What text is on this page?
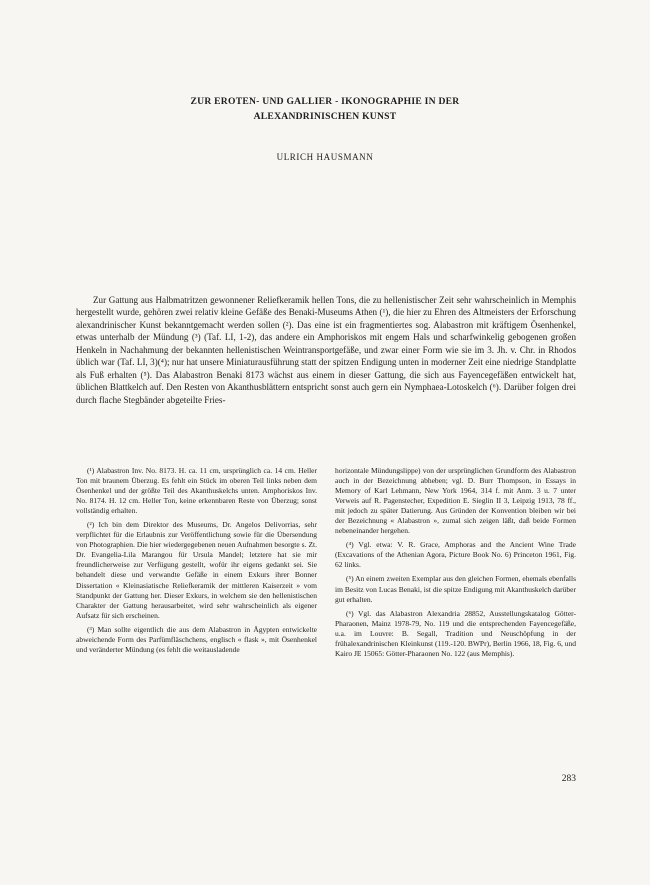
ZUR EROTEN- UND GALLIER - IKONOGRAPHIE IN DER
ALEXANDRINISCHEN KUNST
ULRICH HAUSMANN

Zur Gattung aus Halbmatritzen gewonnener Reliefkeramik hellen Tons, die zu hellenistischer Zeit sehr wahrscheinlich in Memphis hergestellt wurde, gehören zwei relativ kleine Gefäße des Benaki-Museums Athen (¹), die hier zu Ehren des Altmeisters der Erforschung alexandrinischer Kunst bekanntgemacht werden sollen (²). Das eine ist ein fragmentiertes sog. Alabastron mit kräftigem Ösenhenkel, etwas unterhalb der Mündung (³) (Taf. LI, 1-2), das andere ein Amphoriskos mit engem Hals und scharfwinkelig gebogenen großen Henkeln in Nachahmung der bekannten hellenistischen Weintransportgefäße, und zwar einer Form wie sie im 3. Jh. v. Chr. in Rhodos üblich war (Taf. LI, 3)(⁴); nur hat unsere Miniaturausführung statt der spitzen Endigung unten in moderner Zeit eine niedrige Standplatte als Fuß erhalten (⁵). Das Alabastron Benaki 8173 wächst aus einem in dieser Gattung, die sich aus Fayencegefäßen entwickelt hat, üblichen Blattkelch auf. Den Resten von Akanthusblättern entspricht sonst auch gern ein Nymphaea-Lotoskelch (⁶). Darüber folgen drei durch flache Stegbänder abgeteilte Fries-

(¹) Alabastron Inv. No. 8173. H. ca. 11 cm, ursprünglich ca. 14 cm. Heller Ton mit braunem Überzug. Es fehlt ein Stück im oberen Teil links neben dem Ösenhenkel und der größte Teil des Akanthuskelchs unten. Amphoriskos Inv. No. 8174. H. 12 cm. Heller Ton, keine erkennbaren Reste von Überzug; sonst vollständig erhalten.

(²) Ich bin dem Direktor des Museums, Dr. Angelos Delivorrias, sehr verpflichtet für die Erlaubnis zur Veröffentlichung sowie für die Übersendung von Photographien. Die hier wiedergegebenen neuen Aufnahmen besorgte s. Zt. Dr. Evangelia-Lila Marangou für Ursula Mandel; letztere hat sie mir freundlicherweise zur Verfügung gestellt, wofür ihr eigens gedankt sei. Sie behandelt diese und verwandte Gefäße in einem Exkurs ihrer Bonner Dissertation « Kleinasiatische Reliefkeramik der mittleren Kaiserzeit » vom Standpunkt der Gattung her. Dieser Exkurs, in welchem sie den hellenistischen Charakter der Gattung herausarbeitet, wird sehr wahrscheinlich als eigener Aufsatz für sich erscheinen.

(³) Man sollte eigentlich die aus dem Alabastron in Ägypten entwickelte abweichende Form des Parfümfläschchens, englisch « flask », mit Ösenhenkel und veränderter Mündung (es fehlt die weitausladende

horizontale Mündungslippe) von der ursprünglichen Grundform des Alabastron auch in der Bezeichnung abheben; vgl. D. Burr Thompson, in Essays in Memory of Karl Lehmann, New York 1964, 314 f. mit Anm. 3 u. 7 unter Verweis auf R. Pagenstecher, Expedition E. Sieglin II 3, Leipzig 1913, 78 ff., mit jedoch zu später Datierung. Aus Gründen der Konvention bleiben wir bei der Bezeichnung « Alabastron », zumal sich zeigen läßt, daß beide Formen nebeneinander hergehen.

(⁴) Vgl. etwa: V. R. Grace, Amphoras and the Ancient Wine Trade (Excavations of the Athenian Agora, Picture Book No. 6) Princeton 1961, Fig. 62 links.

(⁵) An einem zweiten Exemplar aus den gleichen Formen, ehemals ebenfalls im Besitz von Lucas Benaki, ist die spitze Endigung mit Akanthuskelch darüber gut erhalten.

(⁶) Vgl. das Alabastron Alexandria 28852, Ausstellungskatalog Götter-Pharaonen, Mainz 1978-79, No. 119 und die entsprechenden Fayencegefäße, u.a. im Louvre: B. Segall, Tradition und Neuschöpfung in der frühalexandrinischen Kleinkunst (119.-120. BWPr), Berlin 1966, 18, Fig. 6, und Kairo JE 15065: Götter-Pharaonen No. 122 (aus Memphis).

283
